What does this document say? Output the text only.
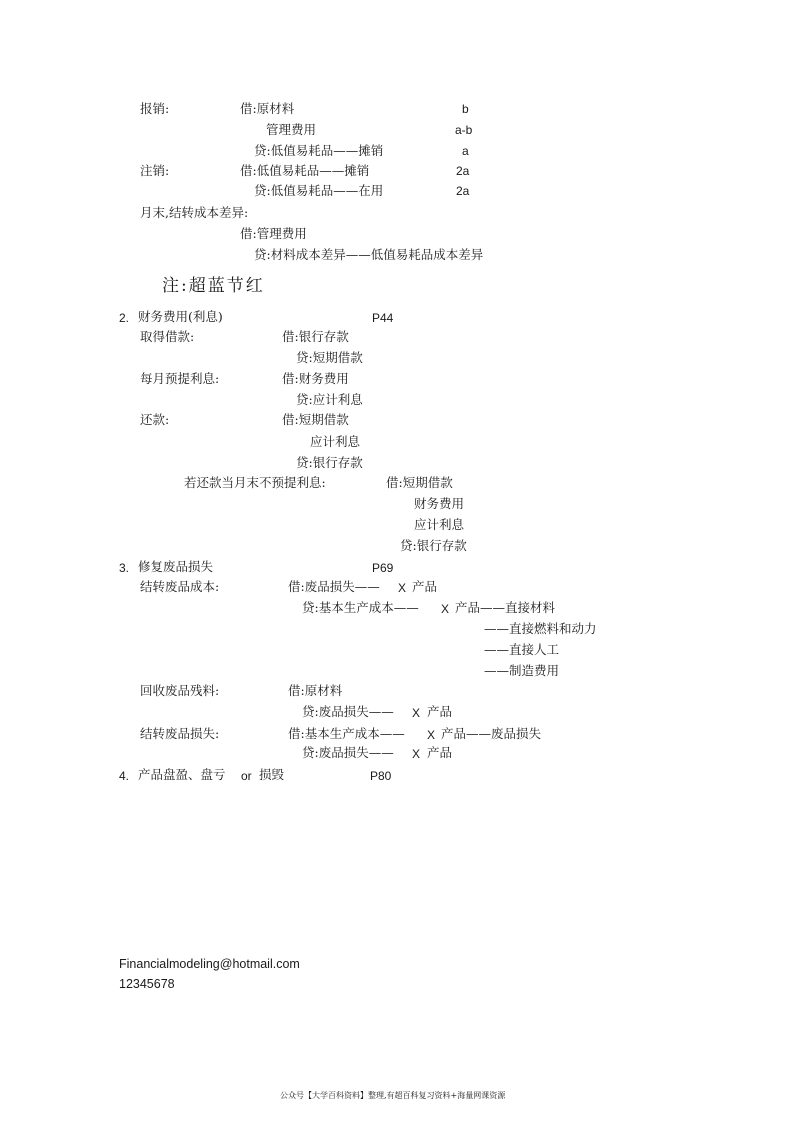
报销:	借:原材料	b
管理费用	a-b
贷:低值易耗品——摊销	a
注销:	借:低值易耗品——摊销	2a
贷:低值易耗品——在用	2a
月末,结转成本差异:
借:管理费用
贷:材料成本差异——低值易耗品成本差异
注:超蓝节红
2. 财务费用(利息)	P44
取得借款:	借:银行存款
贷:短期借款
每月预提利息:	借:财务费用
贷:应计利息
还款:	借:短期借款
应计利息
贷:银行存款
若还款当月末不预提利息:	借:短期借款
财务费用
应计利息
贷:银行存款
3. 修复废品损失	P69
结转废品成本:	借:废品损失—— X 产品
贷:基本生产成本—— X 产品——直接材料
——直接燃料和动力
——直接人工
——制造费用
回收废品残料:	借:原材料
贷:废品损失—— X 产品
结转废品损失:	借:基本生产成本—— X 产品——废品损失
贷:废品损失—— X 产品
4. 产品盘盈、盘亏 or 损毁	P80
Financialmodeling@hotmail.com
12345678
公众号【大学百科资料】整理,有超百科复习资料+海量网课资源
